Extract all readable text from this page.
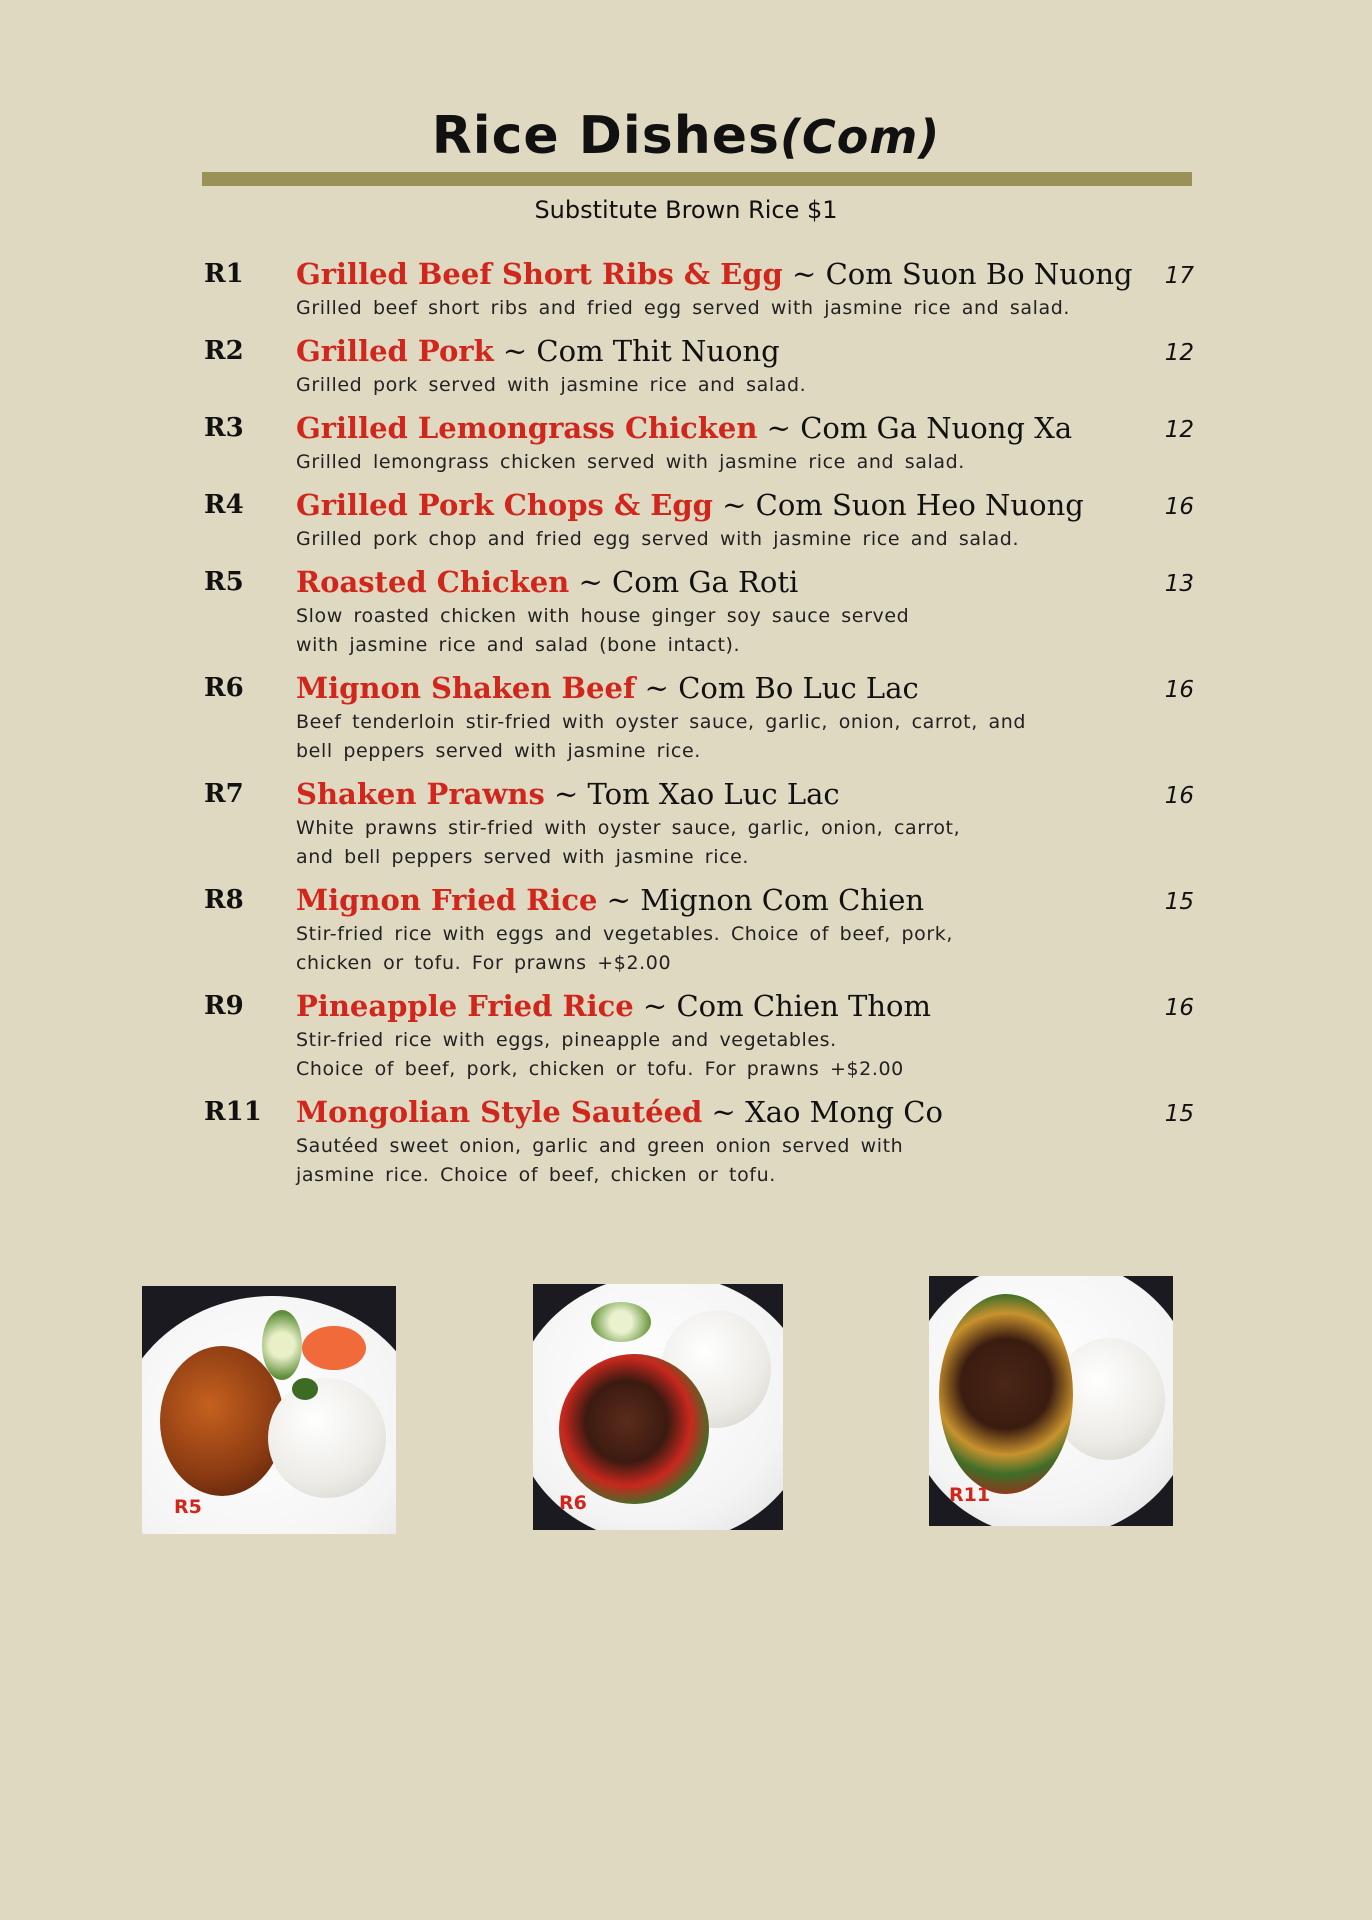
Rice Dishes(Com)
Substitute Brown Rice $1
R1 Grilled Beef Short Ribs & Egg ~ Com Suon Bo Nuong	17
Grilled beef short ribs and fried egg served with jasmine rice and salad.
R2 Grilled Pork ~ Com Thit Nuong	12
Grilled pork served with jasmine rice and salad.
R3 Grilled Lemongrass Chicken ~ Com Ga Nuong Xa	12
Grilled lemongrass chicken served with jasmine rice and salad.
R4 Grilled Pork Chops & Egg ~ Com Suon Heo Nuong	16
Grilled pork chop and fried egg served with jasmine rice and salad.
R5 Roasted Chicken ~ Com Ga Roti	13
Slow roasted chicken with house ginger soy sauce served
with jasmine rice and salad (bone intact).
R6 Mignon Shaken Beef ~ Com Bo Luc Lac	16
Beef tenderloin stir-fried with oyster sauce, garlic, onion, carrot, and
bell peppers served with jasmine rice.
R7 Shaken Prawns ~ Tom Xao Luc Lac	16
White prawns stir-fried with oyster sauce, garlic, onion, carrot,
and bell peppers served with jasmine rice.
R8 Mignon Fried Rice ~ Mignon Com Chien	15
Stir-fried rice with eggs and vegetables. Choice of beef, pork,
chicken or tofu. For prawns +$2.00
R9 Pineapple Fried Rice ~ Com Chien Thom	16
Stir-fried rice with eggs, pineapple and vegetables.
Choice of beef, pork, chicken or tofu. For prawns +$2.00
R11 Mongolian Style Sautéed ~ Xao Mong Co	15
Sautéed sweet onion, garlic and green onion served with
jasmine rice. Choice of beef, chicken or tofu.
R5	R6	R11
